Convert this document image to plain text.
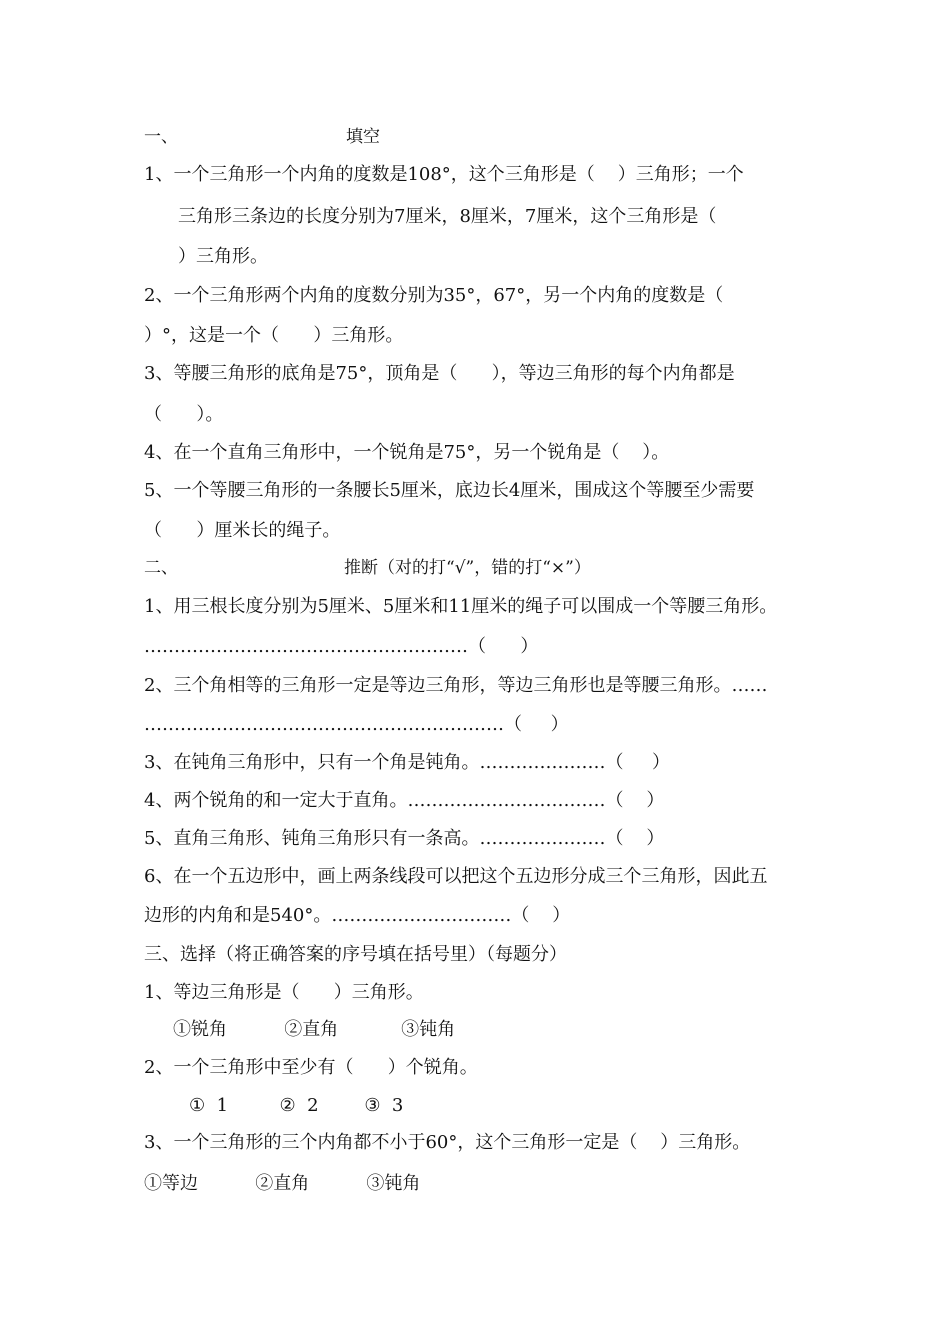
一、

	填空

1、一个三角形一个内角的度数是108°，这个三角形是（    ）三角形；一个
三角形三条边的长度分别为7厘米，8厘米，7厘米，这个三角形是（
）三角形。
2、一个三角形两个内角的度数分别为35°，67°，另一个内角的度数是（
）°，这是一个（      ）三角形。
3、等腰三角形的底角是75°，顶角是（      ），等边三角形的每个内角都是
（      ）。
4、在一个直角三角形中，一个锐角是75°，另一个锐角是（    ）。
5、一个等腰三角形的一条腰长5厘米，底边长4厘米，围成这个等腰至少需要
（      ）厘米长的绳子。

二、

	推断（对的打“√”，错的打“×”）

1、用三根长度分别为5厘米、5厘米和11厘米的绳子可以围成一个等腰三角形。
………………………………………………（      ）
2、三个角相等的三角形一定是等边三角形，等边三角形也是等腰三角形。……
……………………………………………………（     ）
3、在钝角三角形中，只有一个角是钝角。…………………（     ）
4、两个锐角的和一定大于直角。……………………………（    ）
5、直角三角形、钝角三角形只有一条高。…………………（    ）
6、在一个五边形中，画上两条线段可以把这个五边形分成三个三角形，因此五
边形的内角和是540°。…………………………（    ）
三、选择（将正确答案的序号填在括号里）（每题分）
1、等边三角形是（      ）三角形。
①锐角          ②直角           ③钝角
2、一个三角形中至少有（      ）个锐角。
①  1         ②  2        ③  3
3、一个三角形的三个内角都不小于60°，这个三角形一定是（    ）三角形。
①等边          ②直角          ③钝角
